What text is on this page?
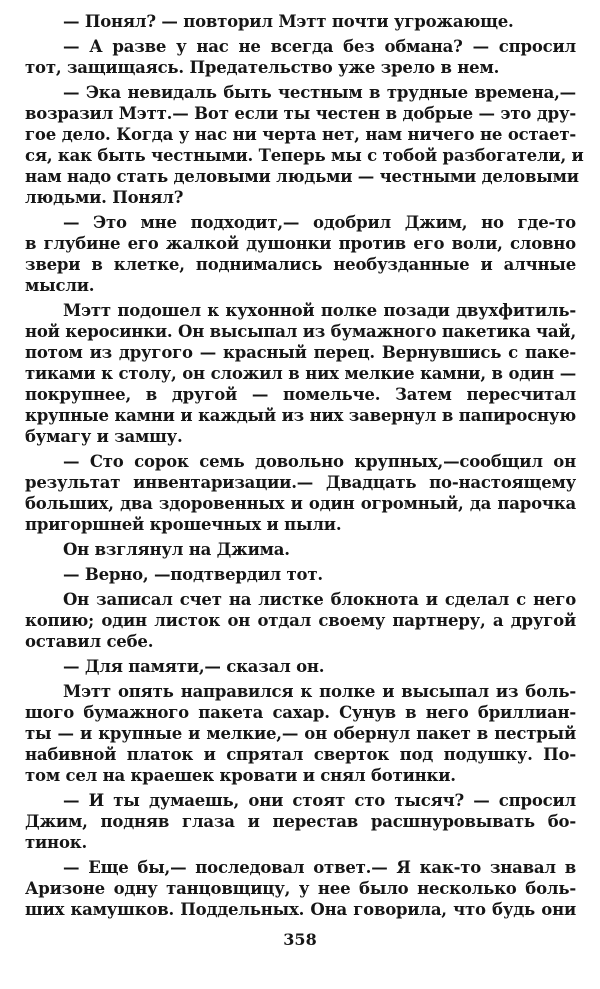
— Понял? — повторил Мэтт почти угрожающе.
— А разве у нас не всегда без обмана? — спросил
тот, защищаясь. Предательство уже зрело в нем.
— Эка невидаль быть честным в трудные времена,—
возразил Мэтт.— Вот если ты честен в добрые — это дру-
гое дело. Когда у нас ни черта нет, нам ничего не остает-
ся, как быть честными. Теперь мы с тобой разбогатели, и
нам надо стать деловыми людьми — честными деловыми
людьми. Понял?
— Это мне подходит,— одобрил Джим, но где-то
в глубине его жалкой душонки против его воли, словно
звери в клетке, поднимались необузданные и алчные
мысли.
Мэтт подошел к кухонной полке позади двухфитиль-
ной керосинки. Он высыпал из бумажного пакетика чай,
потом из другого — красный перец. Вернувшись с паке-
тиками к столу, он сложил в них мелкие камни, в один —
покрупнее, в другой — помельче. Затем пересчитал
крупные камни и каждый из них завернул в папиросную
бумагу и замшу.
— Сто сорок семь довольно крупных,—сообщил он
результат инвентаризации.— Двадцать по-настоящему
больших, два здоровенных и один огромный, да парочка
пригоршней крошечных и пыли.
Он взглянул на Джима.
— Верно, —подтвердил тот.
Он записал счет на листке блокнота и сделал с него
копию; один листок он отдал своему партнеру, а другой
оставил себе.
— Для памяти,— сказал он.
Мэтт опять направился к полке и высыпал из боль-
шого бумажного пакета сахар. Сунув в него бриллиан-
ты — и крупные и мелкие,— он обернул пакет в пестрый
набивной платок и спрятал сверток под подушку. По-
том сел на краешек кровати и снял ботинки.
— И ты думаешь, они стоят сто тысяч? — спросил
Джим, подняв глаза и перестав расшнуровывать бо-
тинок.
— Еще бы,— последовал ответ.— Я как-то знавал в
Аризоне одну танцовщицу, у нее было несколько боль-
ших камушков. Поддельных. Она говорила, что будь они
358
